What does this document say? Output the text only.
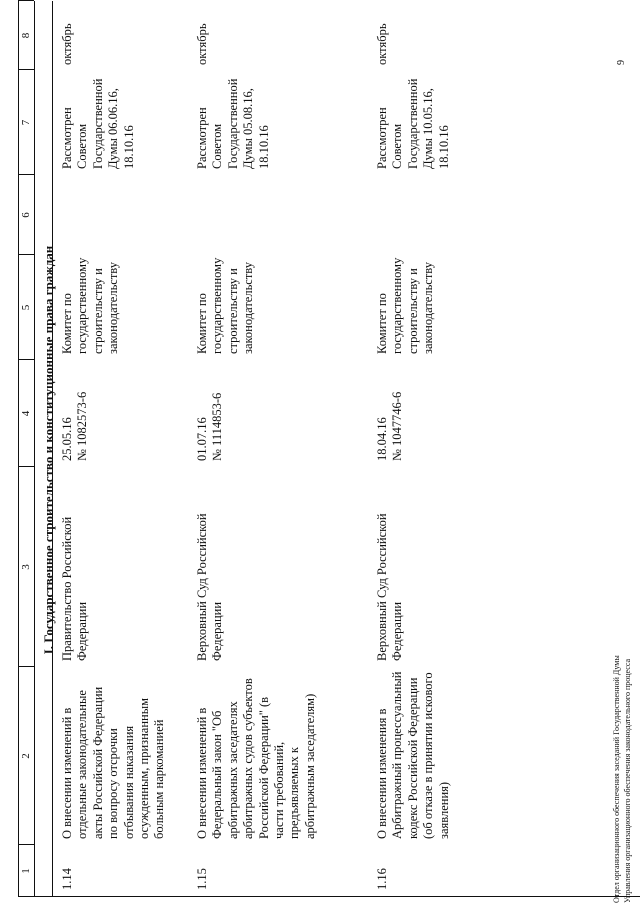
1
2
3
4
5
6
7
8
I. Государственное строительство и конституционные права граждан
1.14
О внесении изменений в отдельные законодательные акты Российской Федерации по вопросу отсрочки отбывания наказания осужденным, признанным больным наркоманией
Правительство Российской Федерации
25.05.16 № 1082573-6
Комитет по государственному строительству и законодательству
Рассмотрен Советом Государственной Думы 06.06.16, 18.10.16
октябрь
1.15
О внесении изменений в Федеральный закон "Об арбитражных заседателях арбитражных судов субъектов Российской Федерации" (в части требований, предъявляемых к арбитражным заседателям)
Верховный Суд Российской Федерации
01.07.16 № 1114853-6
Комитет по государственному строительству и законодательству
Рассмотрен Советом Государственной Думы 05.08.16, 18.10.16
октябрь
1.16
О внесении изменения в Арбитражный процессуальный кодекс Российской Федерации (об отказе в принятии искового заявления)
Верховный Суд Российской Федерации
18.04.16 № 1047746-6
Комитет по государственному строительству и законодательству
Рассмотрен Советом Государственной Думы 10.05.16, 18.10.16
октябрь
Отдел организационного обеспечения заседаний Государственной Думы Управления организационного обеспечения законодательного процесса
9
